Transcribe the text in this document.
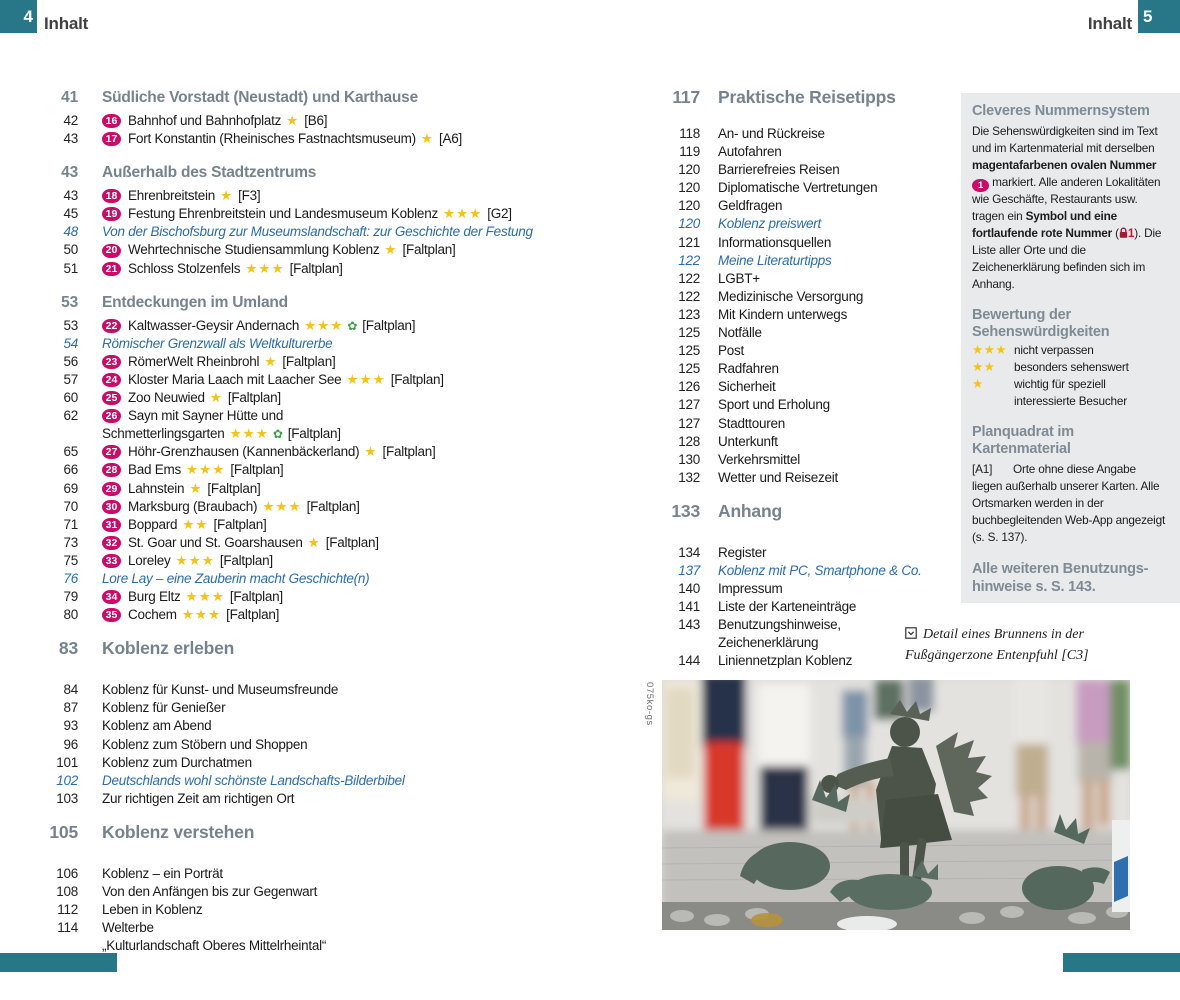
4 Inhalt	Inhalt 5
41 Südliche Vorstadt (Neustadt) und Karthause
42	16 Bahnhof und Bahnhofplatz ★ [B6]
43	17 Fort Konstantin (Rheinisches Fastnachtsmuseum) ★ [A6]
43 Außerhalb des Stadtzentrums
43	18 Ehrenbreitstein ★ [F3]
45	19 Festung Ehrenbreitstein und Landesmuseum Koblenz ★★★ [G2]
48 Von der Bischofsburg zur Museumslandschaft: zur Geschichte der Festung
50	20 Wehrtechnische Studiensammlung Koblenz ★ [Faltplan]
51	21 Schloss Stolzenfels ★★★ [Faltplan]
53 Entdeckungen im Umland
53	22 Kaltwasser-Geysir Andernach ★★★ ✿ [Faltplan]
54 Römischer Grenzwall als Weltkulturerbe
56	23 RömerWelt Rheinbrohl ★ [Faltplan]
57	24 Kloster Maria Laach mit Laacher See ★★★ [Faltplan]
60	25 Zoo Neuwied ★ [Faltplan]
62	26 Sayn mit Sayner Hütte und
Schmetterlingsgarten ★★★ ✿ [Faltplan]
65	27 Höhr-Grenzhausen (Kannenbäckerland) ★ [Faltplan]
66	28 Bad Ems ★★★ [Faltplan]
69	29 Lahnstein ★ [Faltplan]
70	30 Marksburg (Braubach) ★★★ [Faltplan]
71	31 Boppard ★★ [Faltplan]
73	32 St. Goar und St. Goarshausen ★ [Faltplan]
75	33 Loreley ★★★ [Faltplan]
76 Lore Lay – eine Zauberin macht Geschichte(n)
79	34 Burg Eltz ★★★ [Faltplan]
80	35 Cochem ★★★ [Faltplan]
83 Koblenz erleben
84 Koblenz für Kunst- und Museumsfreunde
87 Koblenz für Genießer
93 Koblenz am Abend
96 Koblenz zum Stöbern und Shoppen
101 Koblenz zum Durchatmen
102 Deutschlands wohl schönste Landschafts-Bilderbibel
103 Zur richtigen Zeit am richtigen Ort
105 Koblenz verstehen
106 Koblenz – ein Porträt
108 Von den Anfängen bis zur Gegenwart
112 Leben in Koblenz
114 Welterbe
„Kulturlandschaft Oberes Mittelrheintal“
117 Praktische Reisetipps
118 An- und Rückreise
119 Autofahren
120 Barrierefreies Reisen
120 Diplomatische Vertretungen
120 Geldfragen
120 Koblenz preiswert
121 Informationsquellen
122 Meine Literaturtipps
122 LGBT+
122 Medizinische Versorgung
123 Mit Kindern unterwegs
125 Notfälle
125 Post
125 Radfahren
126 Sicherheit
127 Sport und Erholung
127 Stadttouren
128 Unterkunft
130 Verkehrsmittel
132 Wetter und Reisezeit
133 Anhang
134 Register
137 Koblenz mit PC, Smartphone & Co.
140 Impressum
141 Liste der Karteneinträge
143 Benutzungshinweise,
Zeichenerklärung
144 Liniennetzplan Koblenz
Cleveres Nummernsystem

Die Sehenswürdigkeiten sind im Text und im Kartenmaterial mit derselben magentafarbenen ovalen Nummer 1 markiert. Alle anderen Lokalitäten wie Geschäfte, Restaurants usw. tragen ein Symbol und eine fortlaufende rote Nummer ( 1). Die Liste aller Orte und die Zeichenerklärung befinden sich im Anhang.

Bewertung der
Sehenswürdigkeiten
★★★ nicht verpassen
★★	besonders sehenswert
★	wichtig für speziell
interessierte Besucher
Planquadrat im Kartenmaterial

[A1] Orte ohne diese Angabe liegen außerhalb unserer Karten. Alle Ortsmarken werden in der buchbegleitenden Web-App angezeigt (s. S. 137).

Alle weiteren Benutzungs-
hinweise s. S. 143.
Detail eines Brunnens in der Fußgängerzone Entenpfuhl [C3]
075ko-gs
